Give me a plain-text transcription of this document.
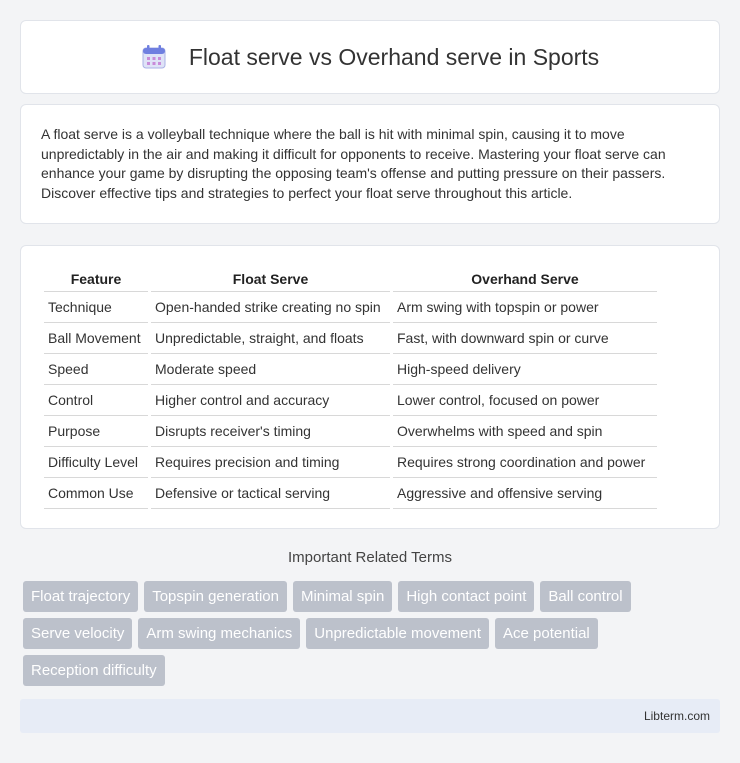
Float serve vs Overhand serve in Sports

A float serve is a volleyball technique where the ball is hit with minimal spin, causing it to move unpredictably in the air and making it difficult for opponents to receive. Mastering your float serve can enhance your game by disrupting the opposing team's offense and putting pressure on their passers. Discover effective tips and strategies to perfect your float serve throughout this article.

Feature	Float Serve	Overhand Serve
Technique	Open-handed strike creating no spin	Arm swing with topspin or power
Ball Movement	Unpredictable, straight, and floats	Fast, with downward spin or curve
Speed	Moderate speed	High-speed delivery
Control	Higher control and accuracy	Lower control, focused on power
Purpose	Disrupts receiver's timing	Overwhelms with speed and spin
Difficulty Level	Requires precision and timing	Requires strong coordination and power
Common Use	Defensive or tactical serving	Aggressive and offensive serving
Important Related Terms
Float trajectory	Topspin generation	Minimal spin	High contact point	Ball control
Serve velocity	Arm swing mechanics	Unpredictable movement	Ace potential
Reception difficulty
Libterm.com
